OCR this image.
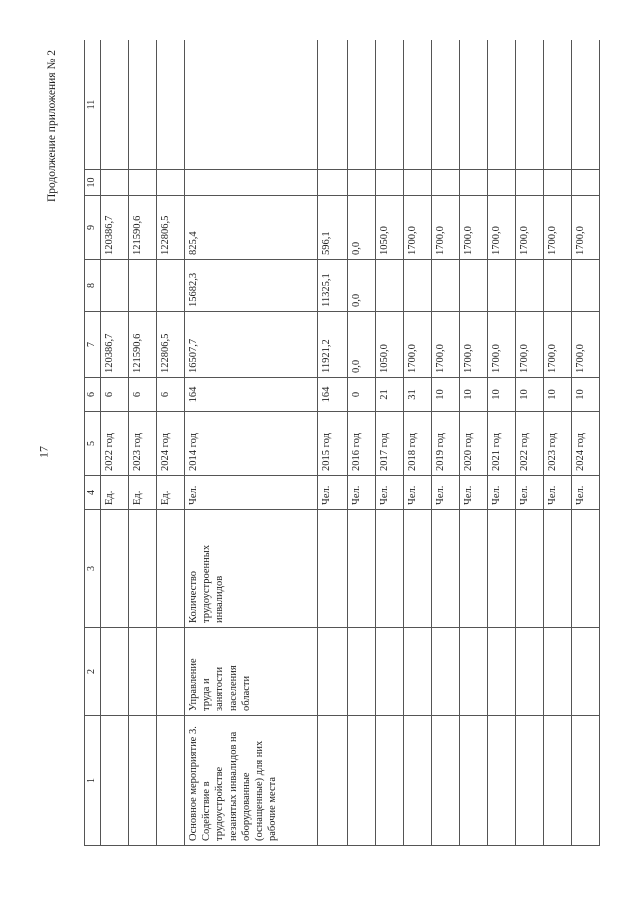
17
Продолжение приложения № 2
1	2	3	4	5	6	7	8	9	10	11
			Ед.	2022 год	6	120386,7		120386,7		
			Ед.	2023 год	6	121590,6		121590,6		
			Ед.	2024 год	6	122806,5		122806,5		
Основное мероприятие 3. Содействие в трудоустройстве незанятых инвалидов на оборудованные (оснащенные) для них рабочие места	Управление труда и занятости населения области	Количество трудоустроенных инвалидов	Чел.	2014 год	164	16507,7	15682,3	825,4		
			Чел.	2015 год	164	11921,2	11325,1	596,1		
			Чел.	2016 год	0	0,0	0,0	0,0		
			Чел.	2017 год	21	1050,0		1050,0		
			Чел.	2018 год	31	1700,0		1700,0		
			Чел.	2019 год	10	1700,0		1700,0		
			Чел.	2020 год	10	1700,0		1700,0		
			Чел.	2021 год	10	1700,0		1700,0		
			Чел.	2022 год	10	1700,0		1700,0		
			Чел.	2023 год	10	1700,0		1700,0		
			Чел.	2024 год	10	1700,0		1700,0		
